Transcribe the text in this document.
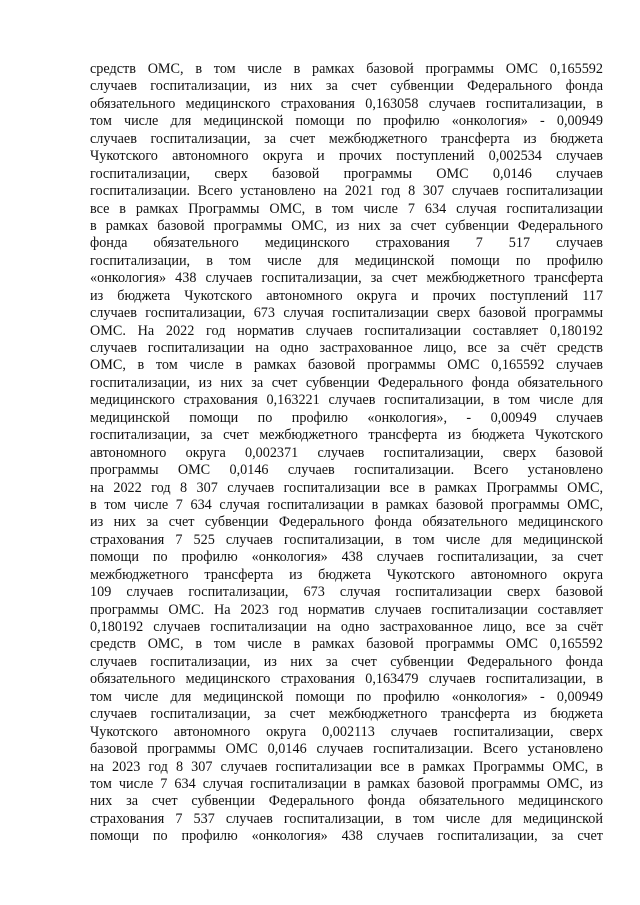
средств ОМС, в том числе в рамках базовой программы ОМС 0,165592
случаев госпитализации, из них за счет субвенции Федерального фонда
обязательного медицинского страхования 0,163058 случаев госпитализации, в
том числе для медицинской помощи по профилю «онкология» - 0,00949
случаев госпитализации, за счет межбюджетного трансферта из бюджета
Чукотского автономного округа и прочих поступлений 0,002534 случаев
госпитализации, сверх базовой программы ОМС 0,0146 случаев
госпитализации. Всего установлено на 2021 год 8 307 случаев госпитализации
все в рамках Программы ОМС, в том числе 7 634 случая госпитализации
в рамках базовой программы ОМС, из них за счет субвенции Федерального
фонда обязательного медицинского страхования 7 517 случаев
госпитализации, в том числе для медицинской помощи по профилю
«онкология» 438 случаев госпитализации, за счет межбюджетного трансферта
из бюджета Чукотского автономного округа и прочих поступлений 117
случаев госпитализации, 673 случая госпитализации сверх базовой программы
ОМС. На 2022 год норматив случаев госпитализации составляет 0,180192
случаев госпитализации на одно застрахованное лицо, все за счёт средств
ОМС, в том числе в рамках базовой программы ОМС 0,165592 случаев
госпитализации, из них за счет субвенции Федерального фонда обязательного
медицинского страхования 0,163221 случаев госпитализации, в том числе для
медицинской помощи по профилю «онкология», - 0,00949 случаев
госпитализации, за счет межбюджетного трансферта из бюджета Чукотского
автономного округа 0,002371 случаев госпитализации, сверх базовой
программы ОМС 0,0146 случаев госпитализации. Всего установлено
на 2022 год 8 307 случаев госпитализации все в рамках Программы ОМС,
в том числе 7 634 случая госпитализации в рамках базовой программы ОМС,
из них за счет субвенции Федерального фонда обязательного медицинского
страхования 7 525 случаев госпитализации, в том числе для медицинской
помощи по профилю «онкология» 438 случаев госпитализации, за счет
межбюджетного трансферта из бюджета Чукотского автономного округа
109 случаев госпитализации, 673 случая госпитализации сверх базовой
программы ОМС. На 2023 год норматив случаев госпитализации составляет
0,180192 случаев госпитализации на одно застрахованное лицо, все за счёт
средств ОМС, в том числе в рамках базовой программы ОМС 0,165592
случаев госпитализации, из них за счет субвенции Федерального фонда
обязательного медицинского страхования 0,163479 случаев госпитализации, в
том числе для медицинской помощи по профилю «онкология» - 0,00949
случаев госпитализации, за счет межбюджетного трансферта из бюджета
Чукотского автономного округа 0,002113 случаев госпитализации, сверх
базовой программы ОМС 0,0146 случаев госпитализации. Всего установлено
на 2023 год 8 307 случаев госпитализации все в рамках Программы ОМС, в
том числе 7 634 случая госпитализации в рамках базовой программы ОМС, из
них за счет субвенции Федерального фонда обязательного медицинского
страхования 7 537 случаев госпитализации, в том числе для медицинской
помощи по профилю «онкология» 438 случаев госпитализации, за счет
